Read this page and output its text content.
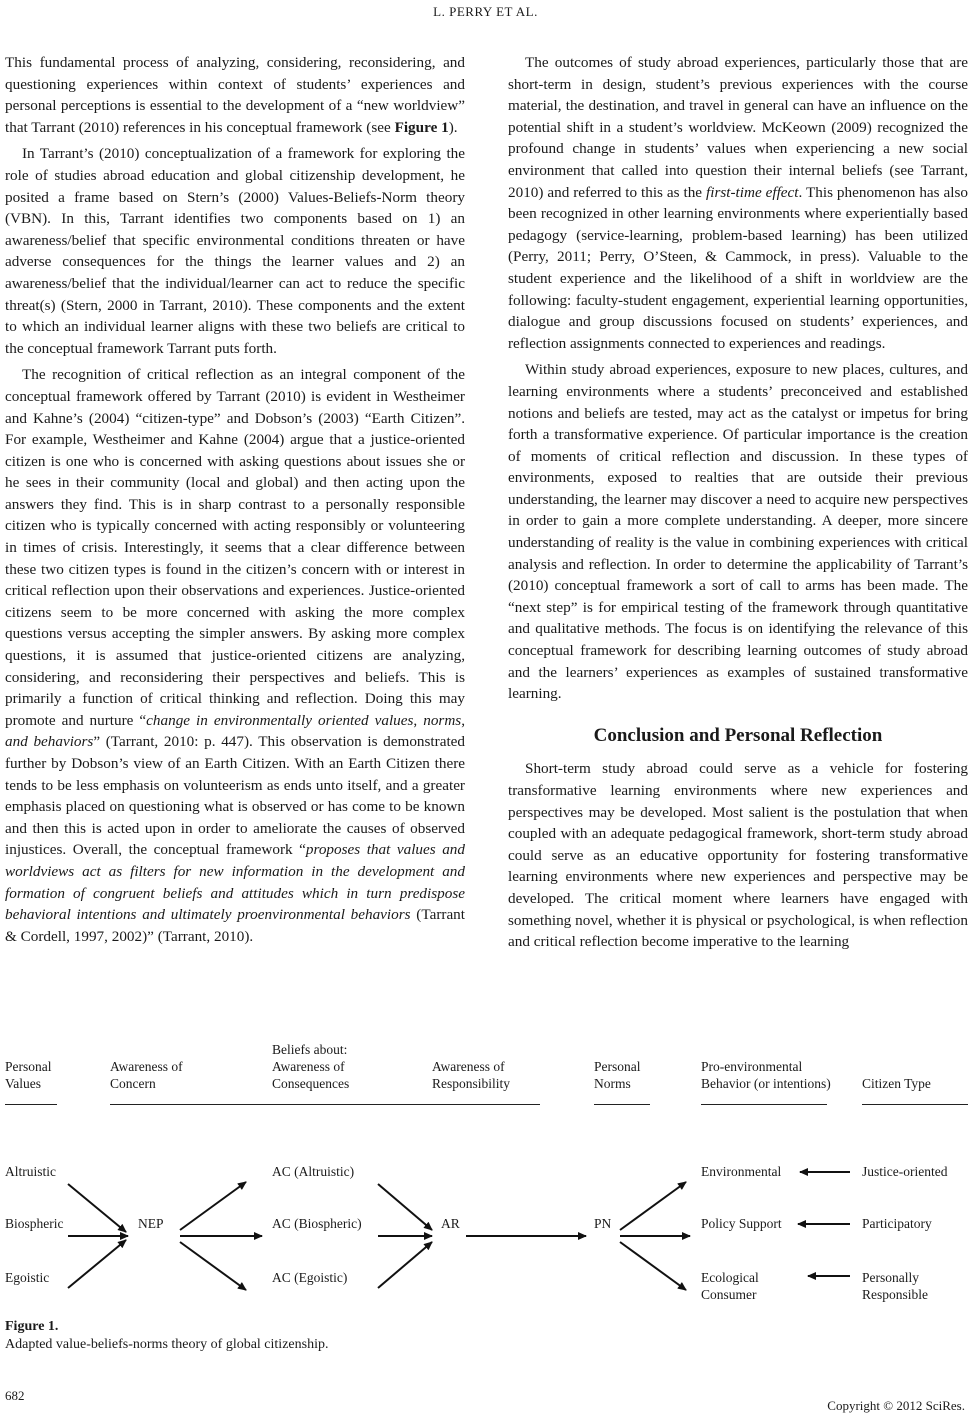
L. PERRY ET AL.

This fundamental process of analyzing, considering, reconsidering, and questioning experiences within context of students’ experiences and personal perceptions is essential to the development of a “new worldview” that Tarrant (2010) references in his conceptual framework (see Figure 1).

In Tarrant’s (2010) conceptualization of a framework for exploring the role of studies abroad education and global citizenship development, he posited a frame based on Stern’s (2000) Values-Beliefs-Norm theory (VBN). In this, Tarrant identifies two components based on 1) an awareness/belief that specific environmental conditions threaten or have adverse consequences for the things the learner values and 2) an awareness/belief that the individual/learner can act to reduce the specific threat(s) (Stern, 2000 in Tarrant, 2010). These components and the extent to which an individual learner aligns with these two beliefs are critical to the conceptual framework Tarrant puts forth.

The recognition of critical reflection as an integral component of the conceptual framework offered by Tarrant (2010) is evident in Westheimer and Kahne’s (2004) “citizen-type” and Dobson’s (2003) “Earth Citizen”. For example, Westheimer and Kahne (2004) argue that a justice-oriented citizen is one who is concerned with asking questions about issues she or he sees in their community (local and global) and then acting upon the answers they find. This is in sharp contrast to a personally responsible citizen who is typically concerned with acting responsibly or volunteering in times of crisis. Interestingly, it seems that a clear difference between these two citizen types is found in the citizen’s concern with or interest in critical reflection upon their observations and experiences. Justice-oriented citizens seem to be more concerned with asking the more complex questions versus accepting the simpler answers. By asking more complex questions, it is assumed that justice-oriented citizens are analyzing, considering, and reconsidering their perspectives and beliefs. This is primarily a function of critical thinking and reflection. Doing this may promote and nurture “change in environmentally oriented values, norms, and behaviors” (Tarrant, 2010: p. 447). This observation is demonstrated further by Dobson’s view of an Earth Citizen. With an Earth Citizen there tends to be less emphasis on volunteerism as ends unto itself, and a greater emphasis placed on questioning what is observed or has come to be known and then this is acted upon in order to ameliorate the causes of observed injustices. Overall, the conceptual framework “proposes that values and worldviews act as filters for new information in the development and formation of congruent beliefs and attitudes which in turn predispose behavioral intentions and ultimately proenvironmental behaviors (Tarrant & Cordell, 1997, 2002)” (Tarrant, 2010).

The outcomes of study abroad experiences, particularly those that are short-term in design, student’s previous experiences with the course material, the destination, and travel in general can have an influence on the potential shift in a student’s worldview. McKeown (2009) recognized the profound change in students’ values when experiencing a new social environment that called into question their internal beliefs (see Tarrant, 2010) and referred to this as the first-time effect. This phenomenon has also been recognized in other learning environments where experientially based pedagogy (service-learning, problem-based learning) has been utilized (Perry, 2011; Perry, O’Steen, & Cammock, in press). Valuable to the student experience and the likelihood of a shift in worldview are the following: faculty-student engagement, experiential learning opportunities, dialogue and group discussions focused on students’ experiences, and reflection assignments connected to experiences and readings.

Within study abroad experiences, exposure to new places, cultures, and learning environments where a students’ preconceived and established notions and beliefs are tested, may act as the catalyst or impetus for bring forth a transformative experience. Of particular importance is the creation of moments of critical reflection and discussion. In these types of environments, exposed to realties that are outside their previous understanding, the learner may discover a need to acquire new perspectives in order to gain a more complete understanding. A deeper, more sincere understanding of reality is the value in combining experiences with critical analysis and reflection. In order to determine the applicability of Tarrant’s (2010) conceptual framework a sort of call to arms has been made. The “next step” is for empirical testing of the framework through quantitative and qualitative methods. The focus is on identifying the relevance of this conceptual framework for describing learning outcomes of study abroad and the learners’ experiences as examples of sustained transformative learning.

Conclusion and Personal Reflection

Short-term study abroad could serve as a vehicle for fostering transformative learning environments where new experiences and perspectives may be developed. Most salient is the postulation that when coupled with an adequate pedagogical framework, short-term study abroad could serve as an educative opportunity for fostering transformative learning environments where new experiences and perspective may be developed. The critical moment where learners have engaged with something novel, whether it is physical or psychological, is when reflection and critical reflection become imperative to the learning

Personal
Values
Awareness of
Concern
Beliefs about:
Awareness of
Consequences
Awareness of
Responsibility
Personal
Norms
Pro-environmental
Behavior (or intentions) Citizen Type
Altruistic
Biospheric
Egoistic
NEP
AC (Altruistic)
AC (Biospheric)
AC (Egoistic)
AR	PN
Environmental
Policy Support
Ecological
Consumer
Justice-oriented
Participatory
Personally
Responsible
Figure 1.
Adapted value-beliefs-norms theory of global citizenship.
682
Copyright © 2012 SciRes.
